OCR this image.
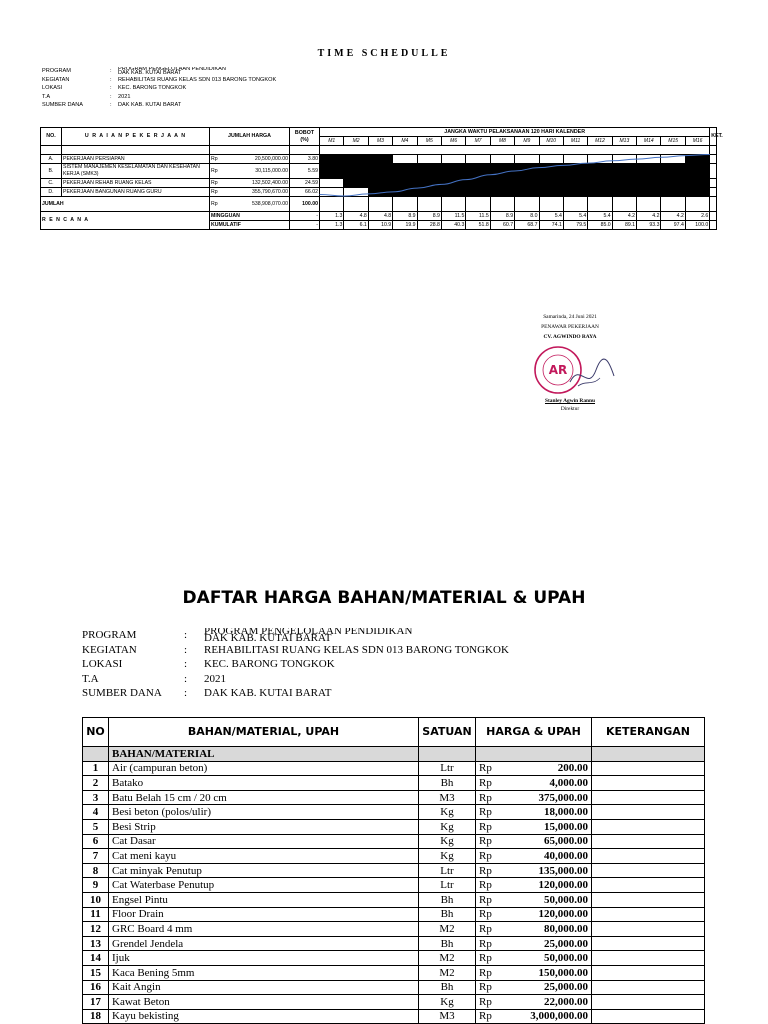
TIME SCHEDULLE
PROGRAM	:	PROGRAM PENGELOLAAN PENDIDIKAN
DAK KAB. KUTAI BARAT
KEGIATAN	:	REHABILITASI RUANG KELAS SDN 013 BARONG TONGKOK
LOKASI	:	KEC. BARONG TONGKOK
T.A	:	2021
SUMBER DANA	:	DAK KAB. KUTAI BARAT
NO.	U R A I A N P E K E R J A A N	JUMLAH HARGA	BOBOT (%)	JANGKA WAKTU PELAKSANAAN 120 HARI KALENDER																KET.
				M1	M2	M3	M4	M5	M6	M7	M8	M9	M10	M11	M12	M13	M14	M15	M16	

A.	PEKERJAAN PERSIAPAN	Rp 20,500,000.00	3.80																	
B.	SISTEM MANAJEMEN KESELAMATAN DAN KESEHATAN KERJA (SMK3)	Rp 30,115,000.00	5.59																	
C.	PEKERJAAN REHAB RUANG KELAS	Rp 132,502,400.00	24.59																	
D.	PEKERJAAN BANGUNAN RUANG GURU	Rp 355,790,670.00	66.02																	
JUMLAH		Rp 538,908,070.00	100.00																	
R E N C A N A		MINGGUAN	-	1.3	4.8	4.8	8.9	8.9	11.5	11.5	8.9	8.0	5.4	5.4	5.4	4.2	4.2	4.2	2.6	
		KUMULATIF	-	1.3	6.1	10.9	19.9	28.8	40.3	51.8	60.7	68.7	74.1	79.5	85.0	89.1	93.3	97.4	100.0	
Samarinda, 24 Juni 2021
PENAWAR PEKERJAAN
CV. AGWINDO RAYA
AR
Stanley Agwin Rannu
Direktur
DAFTAR HARGA BAHAN/MATERIAL & UPAH
PROGRAM	:	PROGRAM PENGELOLAAN PENDIDIKAN
DAK KAB. KUTAI BARAT
KEGIATAN	:	REHABILITASI RUANG KELAS SDN 013 BARONG TONGKOK
LOKASI	:	KEC. BARONG TONGKOK
T.A	:	2021
SUMBER DANA	:	DAK KAB. KUTAI BARAT
NO	BAHAN/MATERIAL, UPAH	SATUAN	HARGA & UPAH		KETERANGAN
	BAHAN/MATERIAL				
1	Air (campuran beton)	Ltr	Rp	200.00	
2	Batako	Bh	Rp	4,000.00	
3	Batu Belah 15 cm / 20 cm	M3	Rp	375,000.00	
4	Besi beton (polos/ulir)	Kg	Rp	18,000.00	
5	Besi Strip	Kg	Rp	15,000.00	
6	Cat Dasar	Kg	Rp	65,000.00	
7	Cat meni kayu	Kg	Rp	40,000.00	
8	Cat minyak Penutup	Ltr	Rp	135,000.00	
9	Cat Waterbase Penutup	Ltr	Rp	120,000.00	
10	Engsel Pintu	Bh	Rp	50,000.00	
11	Floor Drain	Bh	Rp	120,000.00	
12	GRC Board 4 mm	M2	Rp	80,000.00	
13	Grendel Jendela	Bh	Rp	25,000.00	
14	Ijuk	M2	Rp	50,000.00	
15	Kaca Bening 5mm	M2	Rp	150,000.00	
16	Kait Angin	Bh	Rp	25,000.00	
17	Kawat Beton	Kg	Rp	22,000.00	
18	Kayu bekisting	M3	Rp	3,000,000.00	
